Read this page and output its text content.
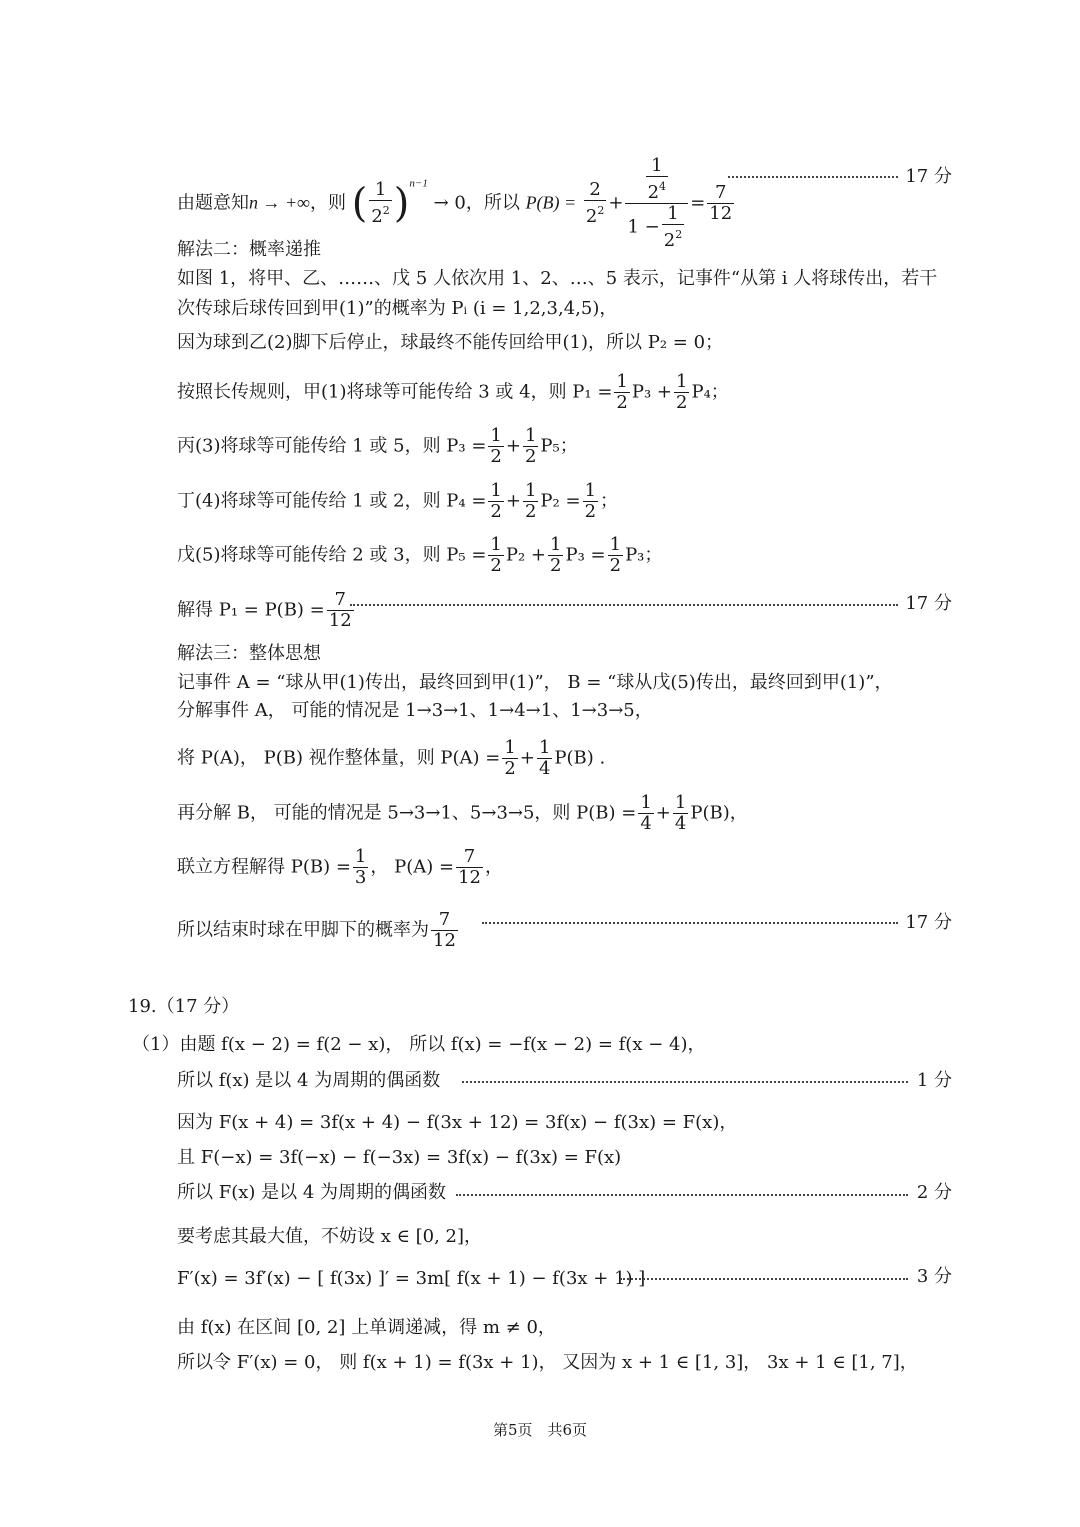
由题意知n → +∞，则 ( $\frac{1}{2^2} )^{n-1} \to 0$，所以 $P(B) = \frac{2}{2^2} + \frac{\frac{1}{2^4}}{1 - \frac{1}{2^2}} = \frac{7}{12}$
17 分
解法二：概率递推
如图 1，将甲、乙、……、戊 5 人依次用 1、2、…、5 表示，记事件“从第 i 人将球传出，若干
次传球后球传回到甲(1)”的概率为 Pᵢ (i = 1,2,3,4,5)，
因为球到乙(2)脚下后停止，球最终不能传回给甲(1)，所以 P₂ = 0；
按照长传规则，甲(1)将球等可能传给 3 或 4，则 $P_1 = \frac{1}{2} P_3 + \frac{1}{2} P_4$；
丙(3)将球等可能传给 1 或 5，则 $P_3 = \frac{1}{2} + \frac{1}{2} P_5$；
丁(4)将球等可能传给 1 或 2，则 $P_4 = \frac{1}{2} + \frac{1}{2} P_2 = \frac{1}{2}$ ；
戊(5)将球等可能传给 2 或 3，则 $P_5 = \frac{1}{2} P_2 + \frac{1}{2} P_3 = \frac{1}{2} P_3$；
解得 $P_1 = P(B) = \frac{7}{12}$	17 分
解法三：整体思想
记事件 A = “球从甲(1)传出，最终回到甲(1)”， B = “球从戊(5)传出，最终回到甲(1)”，
分解事件 A， 可能的情况是 1→3→1、1→4→1、1→3→5，
将 P(A)， P(B) 视作整体量，则 $P(A) = \frac{1}{2} + \frac{1}{4} P(B)$ .
再分解 B， 可能的情况是 5→3→1、5→3→5，则 $P(B) = \frac{1}{4} + \frac{1}{4} P(B)$，
联立方程解得 $P(B) = \frac{1}{3}$ ， $P(A) = \frac{7}{12}$ ，
所以结束时球在甲脚下的概率为 $\frac{7}{12}$	17 分
19.（17 分）
（1）由题 f(x − 2) = f(2 − x)， 所以 f(x) = −f(x − 2) = f(x − 4)，
所以 f(x) 是以 4 为周期的偶函数	1 分
因为 F(x + 4) = 3f(x + 4) − f(3x + 12) = 3f(x) − f(3x) = F(x)，
且 F(−x) = 3f(−x) − f(−3x) = 3f(x) − f(3x) = F(x)
所以 F(x) 是以 4 为周期的偶函数	2 分
要考虑其最大值，不妨设 x ∈ [0, 2]，
F′(x) = 3f′(x) − [ f(3x) ]′ = 3m[ f(x + 1) − f(3x + 1) ]	3 分
由 f(x) 在区间 [0, 2] 上单调递减，得 m ≠ 0，
所以令 F′(x) = 0， 则 f(x + 1) = f(3x + 1)， 又因为 x + 1 ∈ [1, 3]， 3x + 1 ∈ [1, 7]，
第5页　共6页
